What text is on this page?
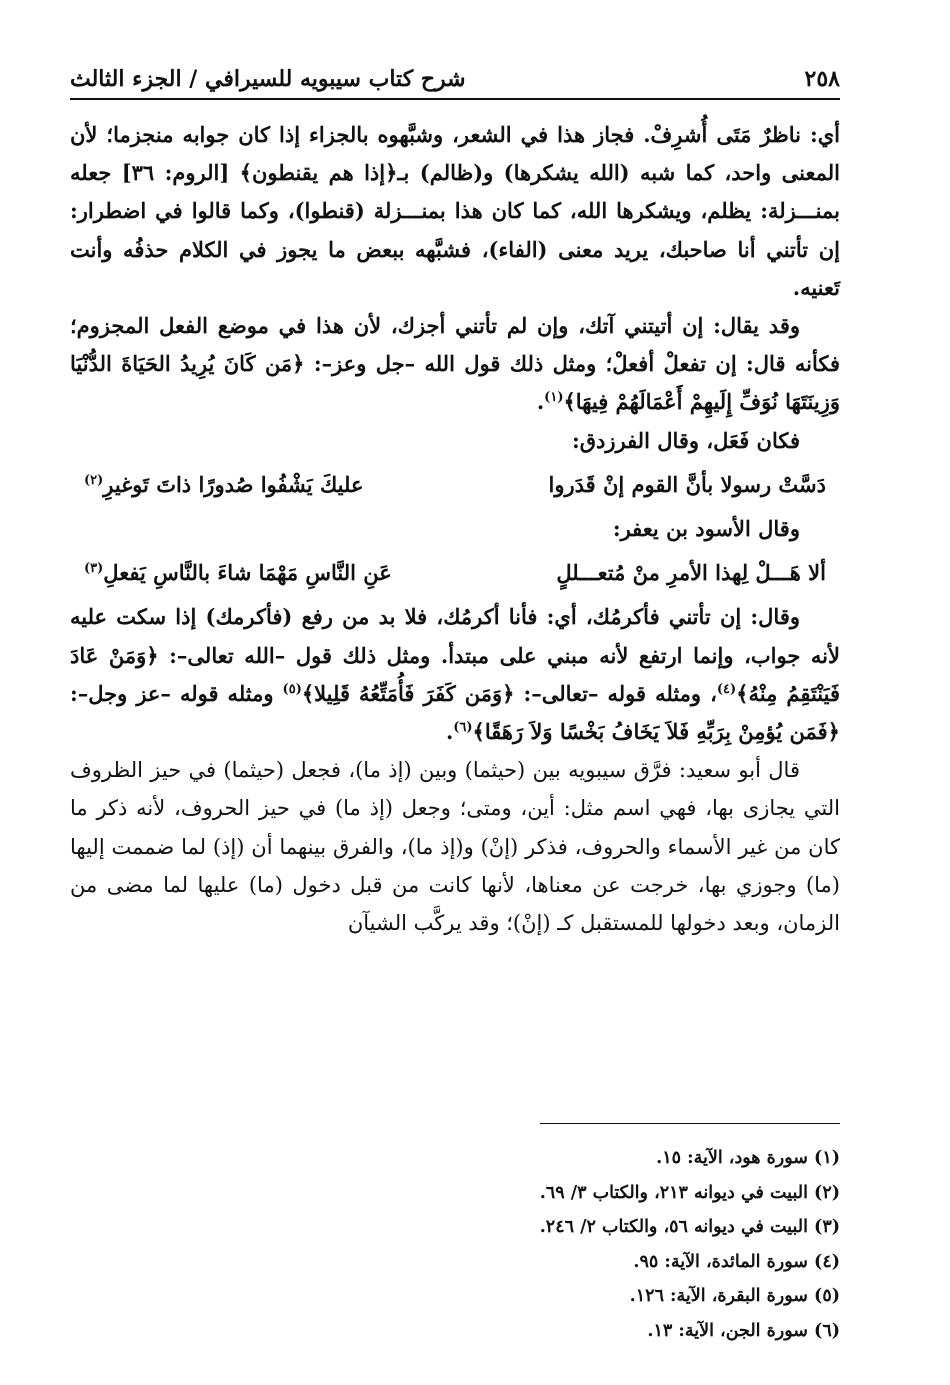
٢٥٨
شرح كتاب سيبويه للسيرافي / الجزء الثالث

أي: ناظرٌ مَتَى أُشرِفْ. فجاز هذا في الشعر، وشبَّهوه بالجزاء إذا كان جوابه منجزما؛ لأن المعنى واحد، كما شبه (الله يشكرها) و(ظالم) بـ﴿إذا هم يقنطون﴾ [الروم: ٣٦] جعله بمنـــزلة: يظلم، ويشكرها الله، كما كان هذا بمنـــزلة (قنطوا)، وكما قالوا في اضطرار: إن تأتني أنا صاحبك، يريد معنى (الفاء)، فشبَّهه ببعض ما يجوز في الكلام حذفُه وأنت تَعنيه.

وقد يقال: إن أتيتني آتك، وإن لم تأتني أجزك، لأن هذا في موضع الفعل المجزوم؛ فكأنه قال: إن تفعلْ أفعلْ؛ ومثل ذلك قول الله –جل وعز–: ﴿مَن كَانَ يُرِيدُ الحَيَاةَ الدُّنْيَا وَزِينَتَهَا نُوَفِّ إِلَيهِمْ أَعْمَالَهُمْ فِيهَا﴾$^{(١)}$.

فكان فَعَل، وقال الفرزدق:

دَسَّتْ رسولا بأنَّ القوم إنْ قَدَروا
عليكَ يَشْفُوا صُدورًا ذاتَ تَوغيرِ$^{(٢)}$

وقال الأسود بن يعفر:

ألا هَـــلْ لِهذا الأمرِ منْ مُتعـــللٍ
عَنِ النَّاسِ مَهْمَا شاءَ بالنَّاسِ يَفعلِ$^{(٣)}$

وقال: إن تأتني فأكرمُك، أي: فأنا أكرمُك، فلا بد من رفع (فأكرمك) إذا سكت عليه لأنه جواب، وإنما ارتفع لأنه مبني على مبتدأ. ومثل ذلك قول –الله تعالى–: ﴿وَمَنْ عَادَ فَيَنْتَقِمُ مِنْهُ﴾$^{(٤)}$، ومثله قوله –تعالى–: ﴿وَمَن كَفَرَ فَأُمَتِّعُهُ قَلِيلا﴾$^{(٥)}$ ومثله قوله –عز وجل–: ﴿فَمَن يُؤمِنْ بِرَبِّهِ فَلاَ يَخَافُ بَخْسًا وَلاَ رَهَقًا﴾$^{(٦)}$.

قال أبو سعيد: فرَّق سيبويه بين (حيثما) وبين (إذ ما)، فجعل (حيثما) في حيز الظروف التي يجازى بها، فهي اسم مثل: أين، ومتى؛ وجعل (إذ ما) في حيز الحروف، لأنه ذكر ما كان من غير الأسماء والحروف، فذكر (إنْ) و(إذ ما)، والفرق بينهما أن (إذ) لما ضممت إليها (ما) وجوزي بها، خرجت عن معناها، لأنها كانت من قبل دخول (ما) عليها لما مضى من الزمان، وبعد دخولها للمستقبل كـ (إنْ)؛ وقد يركَّب الشيآن

(١) سورة هود، الآية: ١٥.

(٢) البيت في ديوانه ٢١٣، والكتاب ٣/ ٦٩.

(٣) البيت في ديوانه ٥٦، والكتاب ٢/ ٢٤٦.

(٤) سورة المائدة، الآية: ٩٥.

(٥) سورة البقرة، الآية: ١٢٦.

(٦) سورة الجن، الآية: ١٣.
